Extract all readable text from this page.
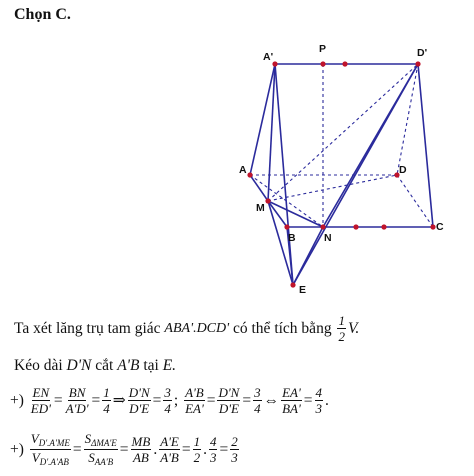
Chọn C.
A'
P	D'
A	D
M
B	N
C
E
Ta xét lăng trụ tam giác
ABA'.DCD'
có thể tích bằng
$\frac{1}{2} V$.
Kéo dài
D'N
cắt
A'B
tại
E.
+)
$\frac{EN}{ED'} = \frac{BN}{A'D'} = \frac{1}{4}$ ⇒ $\frac{D'N}{D'E} = \frac{3}{4}$ ;
$\frac{A'B}{EA'} = \frac{D'N}{D'E} = \frac{3}{4}$ ⇔ $\frac{EA'}{BA'} = \frac{4}{3}$ .
+)
$\frac{V_{D'.A'ME}}{V_{D'.A'AB}} = \frac{S_{\Delta MA'E}}{S_{AA'B}} = \frac{MB}{AB}$ . $\frac{A'E}{A'B} = \frac{1}{2}$ . $\frac{4}{3} = \frac{2}{3}$
